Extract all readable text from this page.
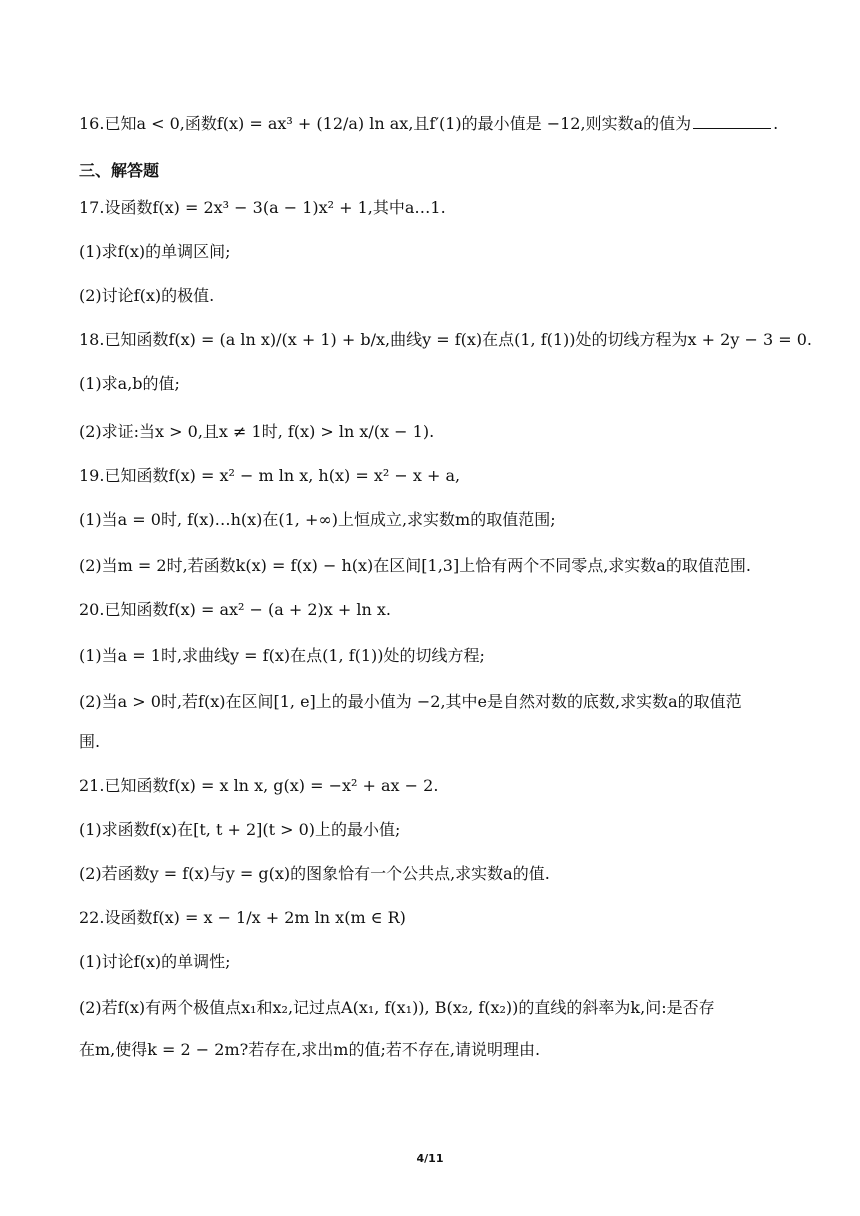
16.已知a < 0,函数f(x) = ax³ + (12/a) ln ax,且f′(1)的最小值是 −12,则实数a的值为	.
三、解答题
17.设函数f(x) = 2x³ − 3(a − 1)x² + 1,其中a…1.
(1)求f(x)的单调区间;
(2)讨论f(x)的极值.
18.已知函数f(x) = (a ln x)/(x + 1) + b/x,曲线y = f(x)在点(1, f(1))处的切线方程为x + 2y − 3 = 0.
(1)求a,b的值;
(2)求证:当x > 0,且x ≠ 1时, f(x) > ln x/(x − 1).
19.已知函数f(x) = x² − m ln x, h(x) = x² − x + a,
(1)当a = 0时, f(x)…h(x)在(1, +∞)上恒成立,求实数m的取值范围;
(2)当m = 2时,若函数k(x) = f(x) − h(x)在区间[1,3]上恰有两个不同零点,求实数a的取值范围.
20.已知函数f(x) = ax² − (a + 2)x + ln x.
(1)当a = 1时,求曲线y = f(x)在点(1, f(1))处的切线方程;
(2)当a > 0时,若f(x)在区间[1, e]上的最小值为 −2,其中e是自然对数的底数,求实数a的取值范
围.
21.已知函数f(x) = x ln x, g(x) = −x² + ax − 2.
(1)求函数f(x)在[t, t + 2](t > 0)上的最小值;
(2)若函数y = f(x)与y = g(x)的图象恰有一个公共点,求实数a的值.
22.设函数f(x) = x − 1/x + 2m ln x(m ∈ R)
(1)讨论f(x)的单调性;
(2)若f(x)有两个极值点x₁和x₂,记过点A(x₁, f(x₁)), B(x₂, f(x₂))的直线的斜率为k,问:是否存
在m,使得k = 2 − 2m?若存在,求出m的值;若不存在,请说明理由.
4/11
